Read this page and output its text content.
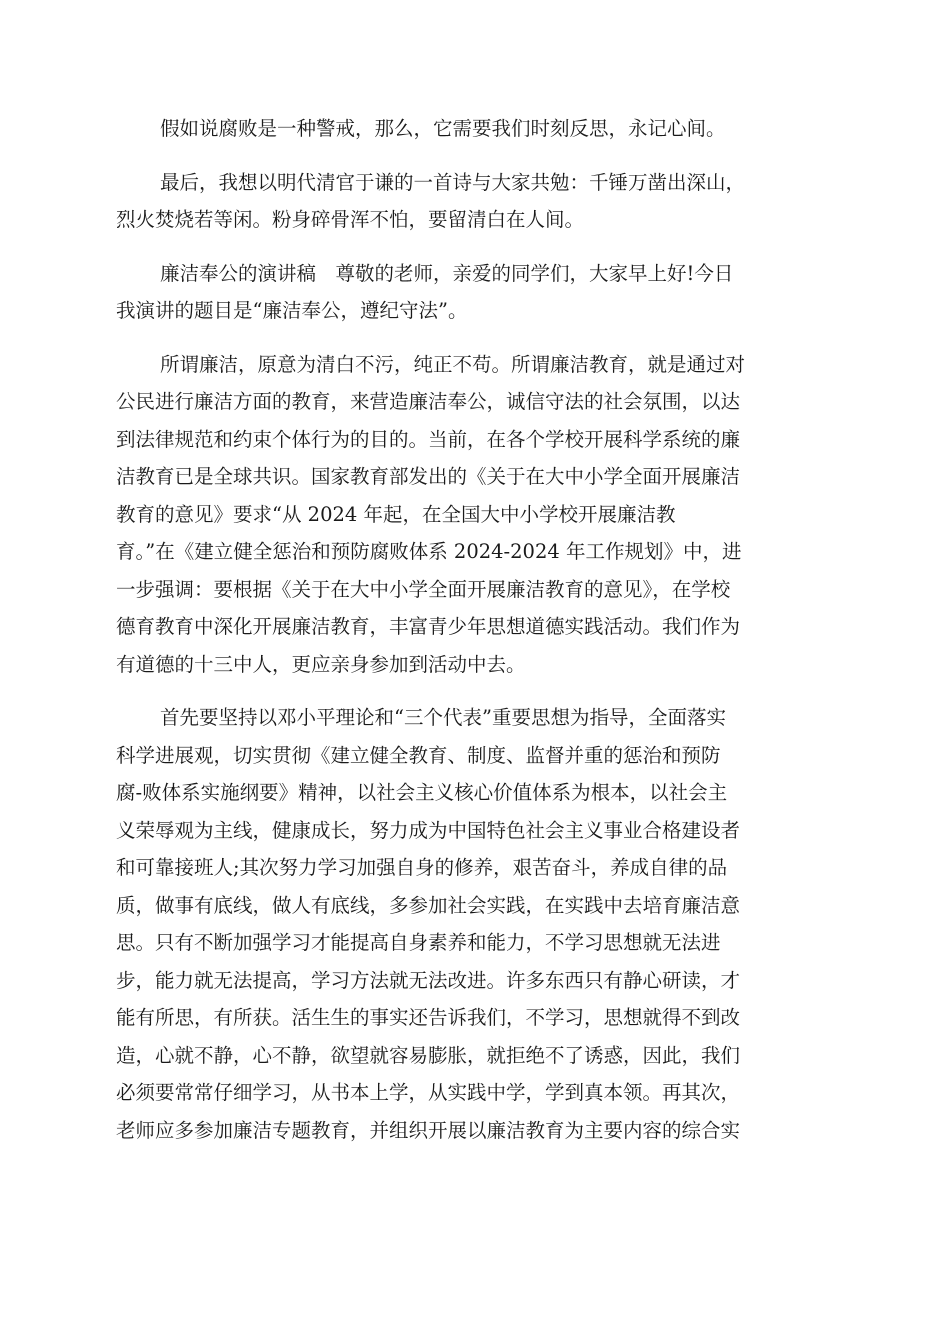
假如说腐败是一种警戒，那么，它需要我们时刻反思，永记心间。
最后，我想以明代清官于谦的一首诗与大家共勉：千锤万凿出深山，
烈火焚烧若等闲。粉身碎骨浑不怕，要留清白在人间。
廉洁奉公的演讲稿　尊敬的老师，亲爱的同学们，大家早上好!今日
我演讲的题目是“廉洁奉公，遵纪守法”。
所谓廉洁，原意为清白不污，纯正不苟。所谓廉洁教育，就是通过对
公民进行廉洁方面的教育，来营造廉洁奉公，诚信守法的社会氛围，以达
到法律规范和约束个体行为的目的。当前，在各个学校开展科学系统的廉
洁教育已是全球共识。国家教育部发出的《关于在大中小学全面开展廉洁
教育的意见》要求“从 2024 年起，在全国大中小学校开展廉洁教
育。”在《建立健全惩治和预防腐败体系 2024-2024 年工作规划》中，进
一步强调：要根据《关于在大中小学全面开展廉洁教育的意见》，在学校
德育教育中深化开展廉洁教育，丰富青少年思想道德实践活动。我们作为
有道德的十三中人，更应亲身参加到活动中去。
首先要坚持以邓小平理论和“三个代表”重要思想为指导，全面落实
科学进展观，切实贯彻《建立健全教育、制度、监督并重的惩治和预防
腐-败体系实施纲要》精神，以社会主义核心价值体系为根本，以社会主
义荣辱观为主线，健康成长，努力成为中国特色社会主义事业合格建设者
和可靠接班人;其次努力学习加强自身的修养，艰苦奋斗，养成自律的品
质，做事有底线，做人有底线，多参加社会实践，在实践中去培育廉洁意
思。只有不断加强学习才能提高自身素养和能力，不学习思想就无法进
步，能力就无法提高，学习方法就无法改进。许多东西只有静心研读，才
能有所思，有所获。活生生的事实还告诉我们，不学习，思想就得不到改
造，心就不静，心不静，欲望就容易膨胀，就拒绝不了诱惑，因此，我们
必须要常常仔细学习，从书本上学，从实践中学，学到真本领。再其次，
老师应多参加廉洁专题教育，并组织开展以廉洁教育为主要内容的综合实
